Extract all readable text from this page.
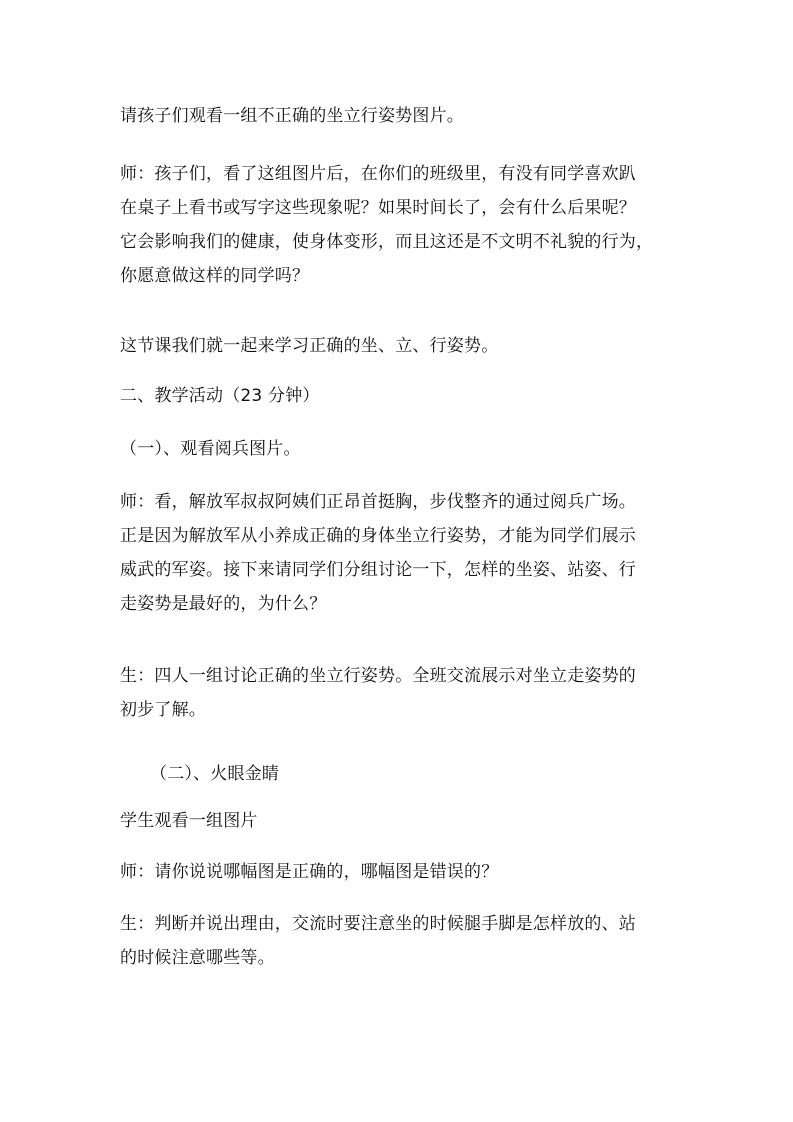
请孩子们观看一组不正确的坐立行姿势图片。
师：孩子们，看了这组图片后，在你们的班级里，有没有同学喜欢趴
在桌子上看书或写字这些现象呢？如果时间长了，会有什么后果呢？
它会影响我们的健康，使身体变形，而且这还是不文明不礼貌的行为，
你愿意做这样的同学吗？
这节课我们就一起来学习正确的坐、立、行姿势。
二、教学活动（23 分钟）
（一）、观看阅兵图片。
师：看，解放军叔叔阿姨们正昂首挺胸，步伐整齐的通过阅兵广场。
正是因为解放军从小养成正确的身体坐立行姿势，才能为同学们展示
威武的军姿。接下来请同学们分组讨论一下，怎样的坐姿、站姿、行
走姿势是最好的，为什么？
生：四人一组讨论正确的坐立行姿势。全班交流展示对坐立走姿势的
初步了解。
（二）、火眼金睛
学生观看一组图片
师：请你说说哪幅图是正确的，哪幅图是错误的？
生：判断并说出理由，交流时要注意坐的时候腿手脚是怎样放的、站
的时候注意哪些等。
